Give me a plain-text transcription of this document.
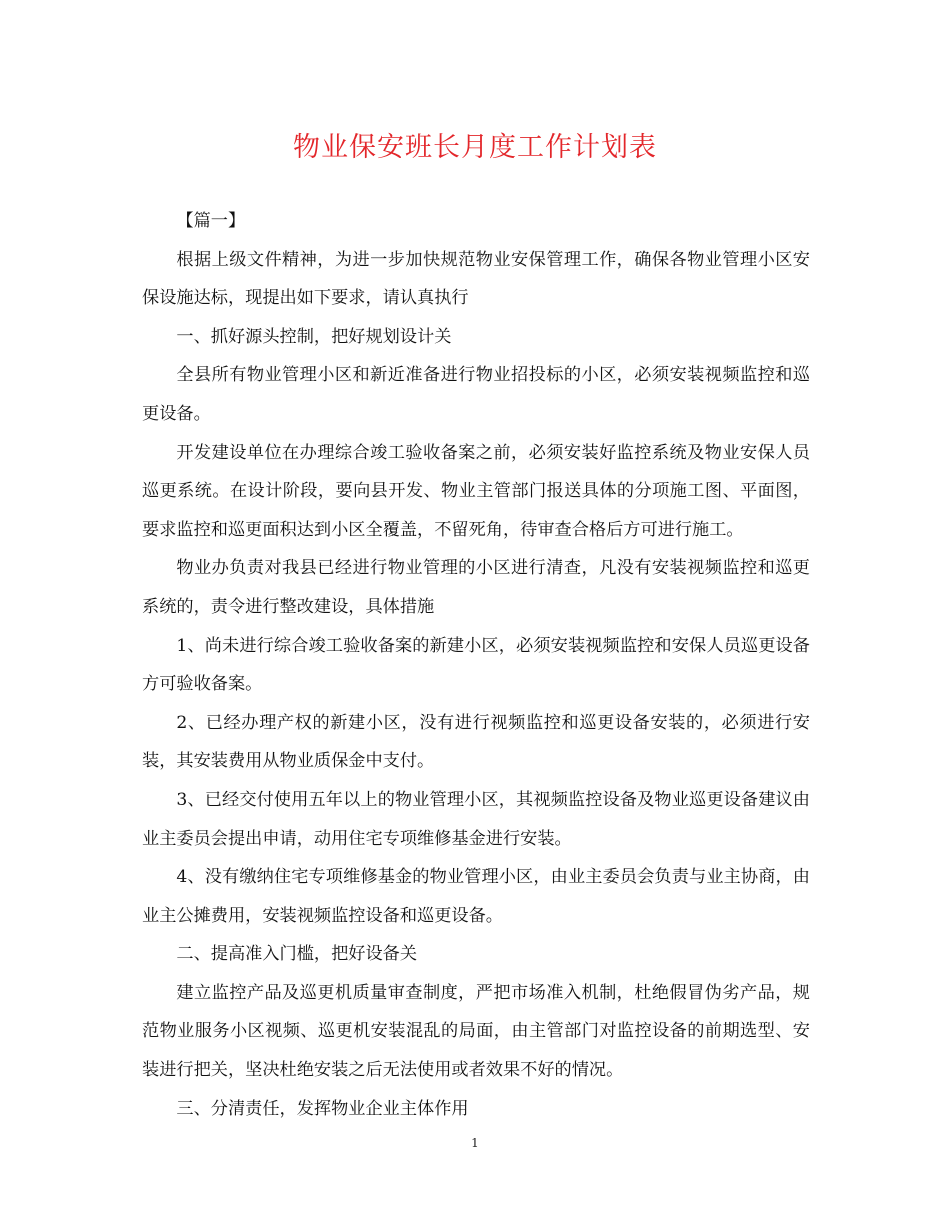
物业保安班长月度工作计划表

【篇一】

根据上级文件精神，为进一步加快规范物业安保管理工作，确保各物业管理小区安保设施达标，现提出如下要求，请认真执行

一、抓好源头控制，把好规划设计关

全县所有物业管理小区和新近准备进行物业招投标的小区，必须安装视频监控和巡更设备。

开发建设单位在办理综合竣工验收备案之前，必须安装好监控系统及物业安保人员巡更系统。在设计阶段，要向县开发、物业主管部门报送具体的分项施工图、平面图，要求监控和巡更面积达到小区全覆盖，不留死角，待审查合格后方可进行施工。

物业办负责对我县已经进行物业管理的小区进行清查，凡没有安装视频监控和巡更系统的，责令进行整改建设，具体措施

1、尚未进行综合竣工验收备案的新建小区，必须安装视频监控和安保人员巡更设备方可验收备案。

2、已经办理产权的新建小区，没有进行视频监控和巡更设备安装的，必须进行安装，其安装费用从物业质保金中支付。

3、已经交付使用五年以上的物业管理小区，其视频监控设备及物业巡更设备建议由业主委员会提出申请，动用住宅专项维修基金进行安装。

4、没有缴纳住宅专项维修基金的物业管理小区，由业主委员会负责与业主协商，由业主公摊费用，安装视频监控设备和巡更设备。

二、提高准入门槛，把好设备关

建立监控产品及巡更机质量审查制度，严把市场准入机制，杜绝假冒伪劣产品，规范物业服务小区视频、巡更机安装混乱的局面，由主管部门对监控设备的前期选型、安装进行把关，坚决杜绝安装之后无法使用或者效果不好的情况。

三、分清责任，发挥物业企业主体作用

1
